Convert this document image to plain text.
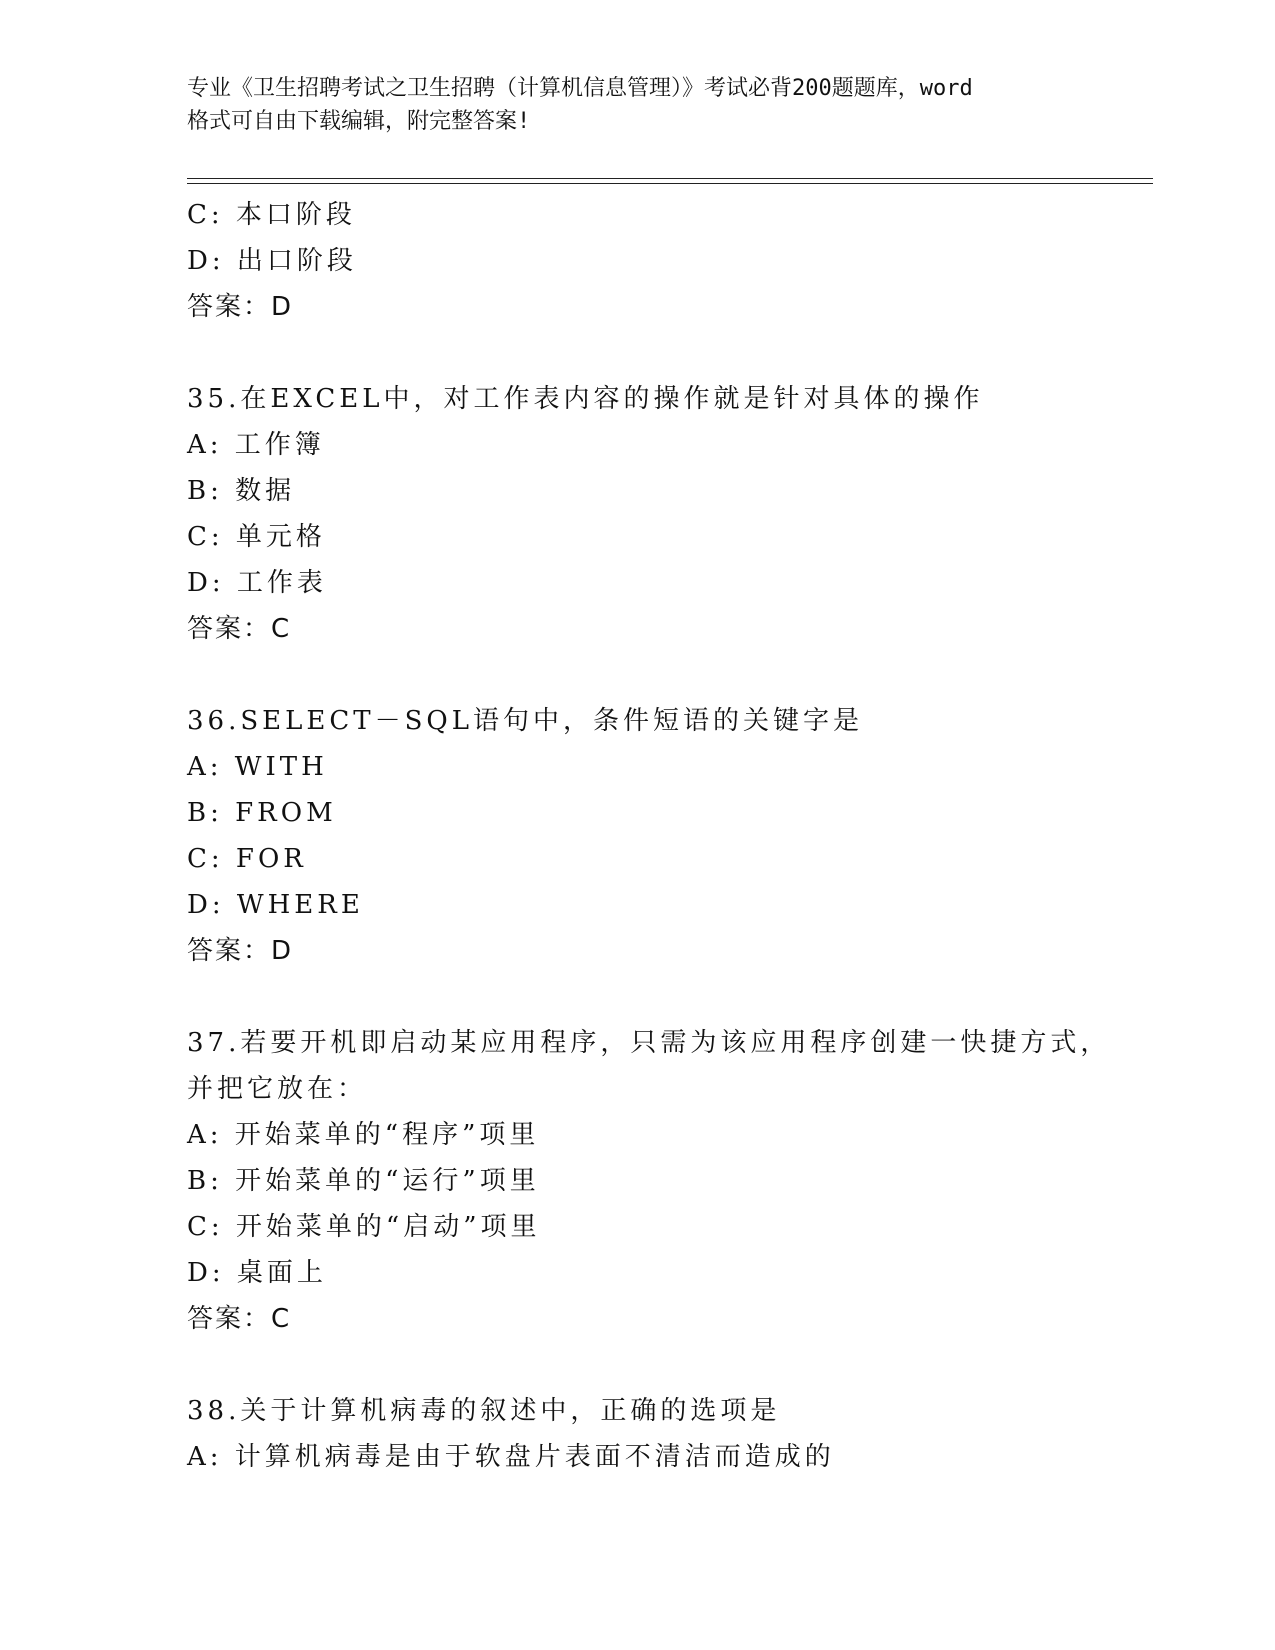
专业《卫生招聘考试之卫生招聘（计算机信息管理）》考试必背200题题库，word
格式可自由下载编辑，附完整答案!
C: 本口阶段
D: 出口阶段
答案：D
35.在EXCEL中，对工作表内容的操作就是针对具体的操作
A: 工作簿
B: 数据
C: 单元格
D: 工作表
答案：C
36.SELECT－SQL语句中，条件短语的关键字是
A: WITH
B: FROM
C: FOR
D: WHERE
答案：D
37.若要开机即启动某应用程序，只需为该应用程序创建一快捷方式，
并把它放在：
A: 开始菜单的“程序”项里
B: 开始菜单的“运行”项里
C: 开始菜单的“启动”项里
D: 桌面上
答案：C
38.关于计算机病毒的叙述中，正确的选项是
A: 计算机病毒是由于软盘片表面不清洁而造成的
